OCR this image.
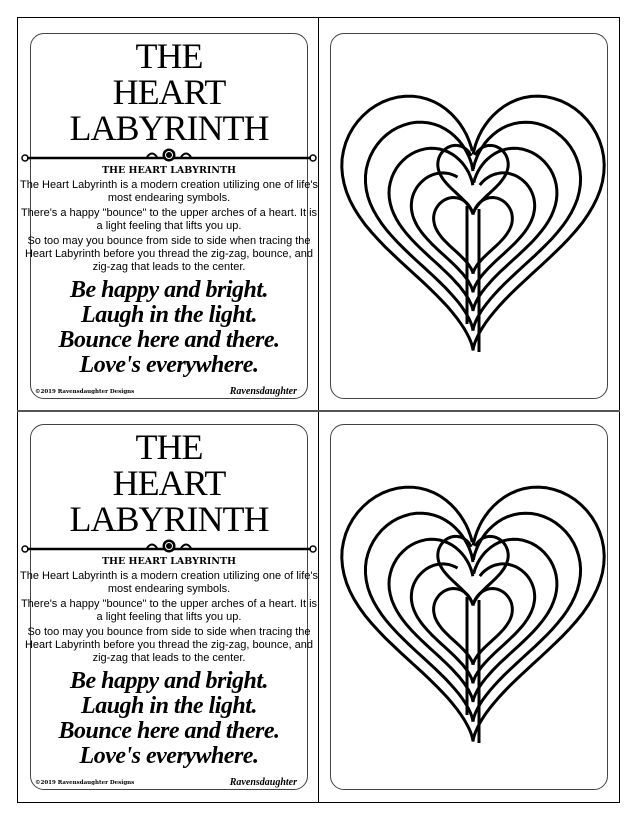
THE
HEART
LABYRINTH
THE HEART LABYRINTH
The Heart Labyrinth is a modern creation utilizing one of life's most endearing symbols.
There's a happy "bounce" to the upper arches of a heart. It is a light feeling that lifts you up.
So too may you bounce from side to side when tracing the Heart Labyrinth before you thread the zig-zag, bounce, and zig-zag that leads to the center.
Be happy and bright.
Laugh in the light.
Bounce here and there.
Love's everywhere.
©2019 Ravensdaughter Designs	Ravensdaughter
THE
HEART
LABYRINTH
THE HEART LABYRINTH
The Heart Labyrinth is a modern creation utilizing one of life's most endearing symbols.
There's a happy "bounce" to the upper arches of a heart. It is a light feeling that lifts you up.
So too may you bounce from side to side when tracing the Heart Labyrinth before you thread the zig-zag, bounce, and zig-zag that leads to the center.
Be happy and bright.
Laugh in the light.
Bounce here and there.
Love's everywhere.
©2019 Ravensdaughter Designs	Ravensdaughter
